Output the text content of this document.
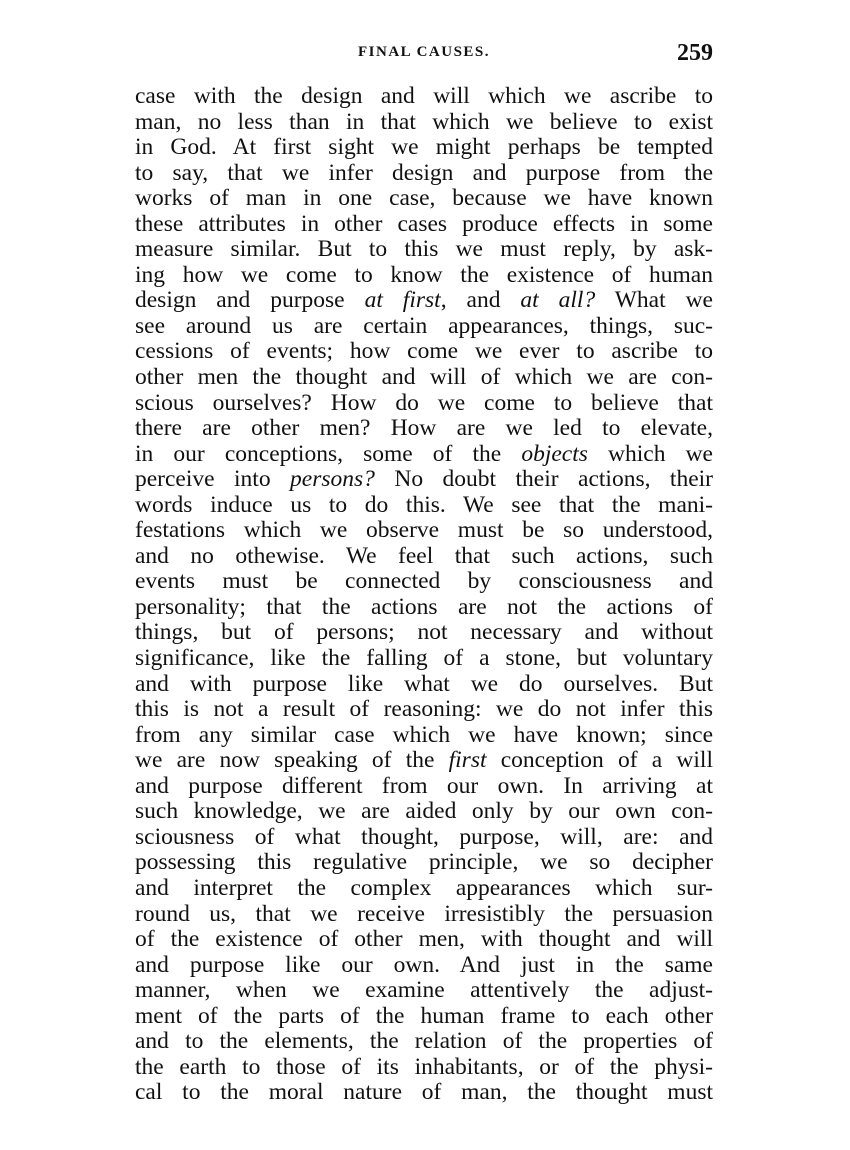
FINAL CAUSES.	259
case with the design and will which we ascribe to
man, no less than in that which we believe to exist
in God. At first sight we might perhaps be tempted
to say, that we infer design and purpose from the
works of man in one case, because we have known
these attributes in other cases produce effects in some
measure similar. But to this we must reply, by ask-
ing how we come to know the existence of human
design and purpose at first, and at all? What we
see around us are certain appearances, things, suc-
cessions of events; how come we ever to ascribe to
other men the thought and will of which we are con-
scious ourselves? How do we come to believe that
there are other men? How are we led to elevate,
in our conceptions, some of the objects which we
perceive into persons? No doubt their actions, their
words induce us to do this. We see that the mani-
festations which we observe must be so understood,
and no othewise. We feel that such actions, such
events must be connected by consciousness and
personality; that the actions are not the actions of
things, but of persons; not necessary and without
significance, like the falling of a stone, but voluntary
and with purpose like what we do ourselves. But
this is not a result of reasoning: we do not infer this
from any similar case which we have known; since
we are now speaking of the first conception of a will
and purpose different from our own. In arriving at
such knowledge, we are aided only by our own con-
sciousness of what thought, purpose, will, are: and
possessing this regulative principle, we so decipher
and interpret the complex appearances which sur-
round us, that we receive irresistibly the persuasion
of the existence of other men, with thought and will
and purpose like our own. And just in the same
manner, when we examine attentively the adjust-
ment of the parts of the human frame to each other
and to the elements, the relation of the properties of
the earth to those of its inhabitants, or of the physi-
cal to the moral nature of man, the thought must
